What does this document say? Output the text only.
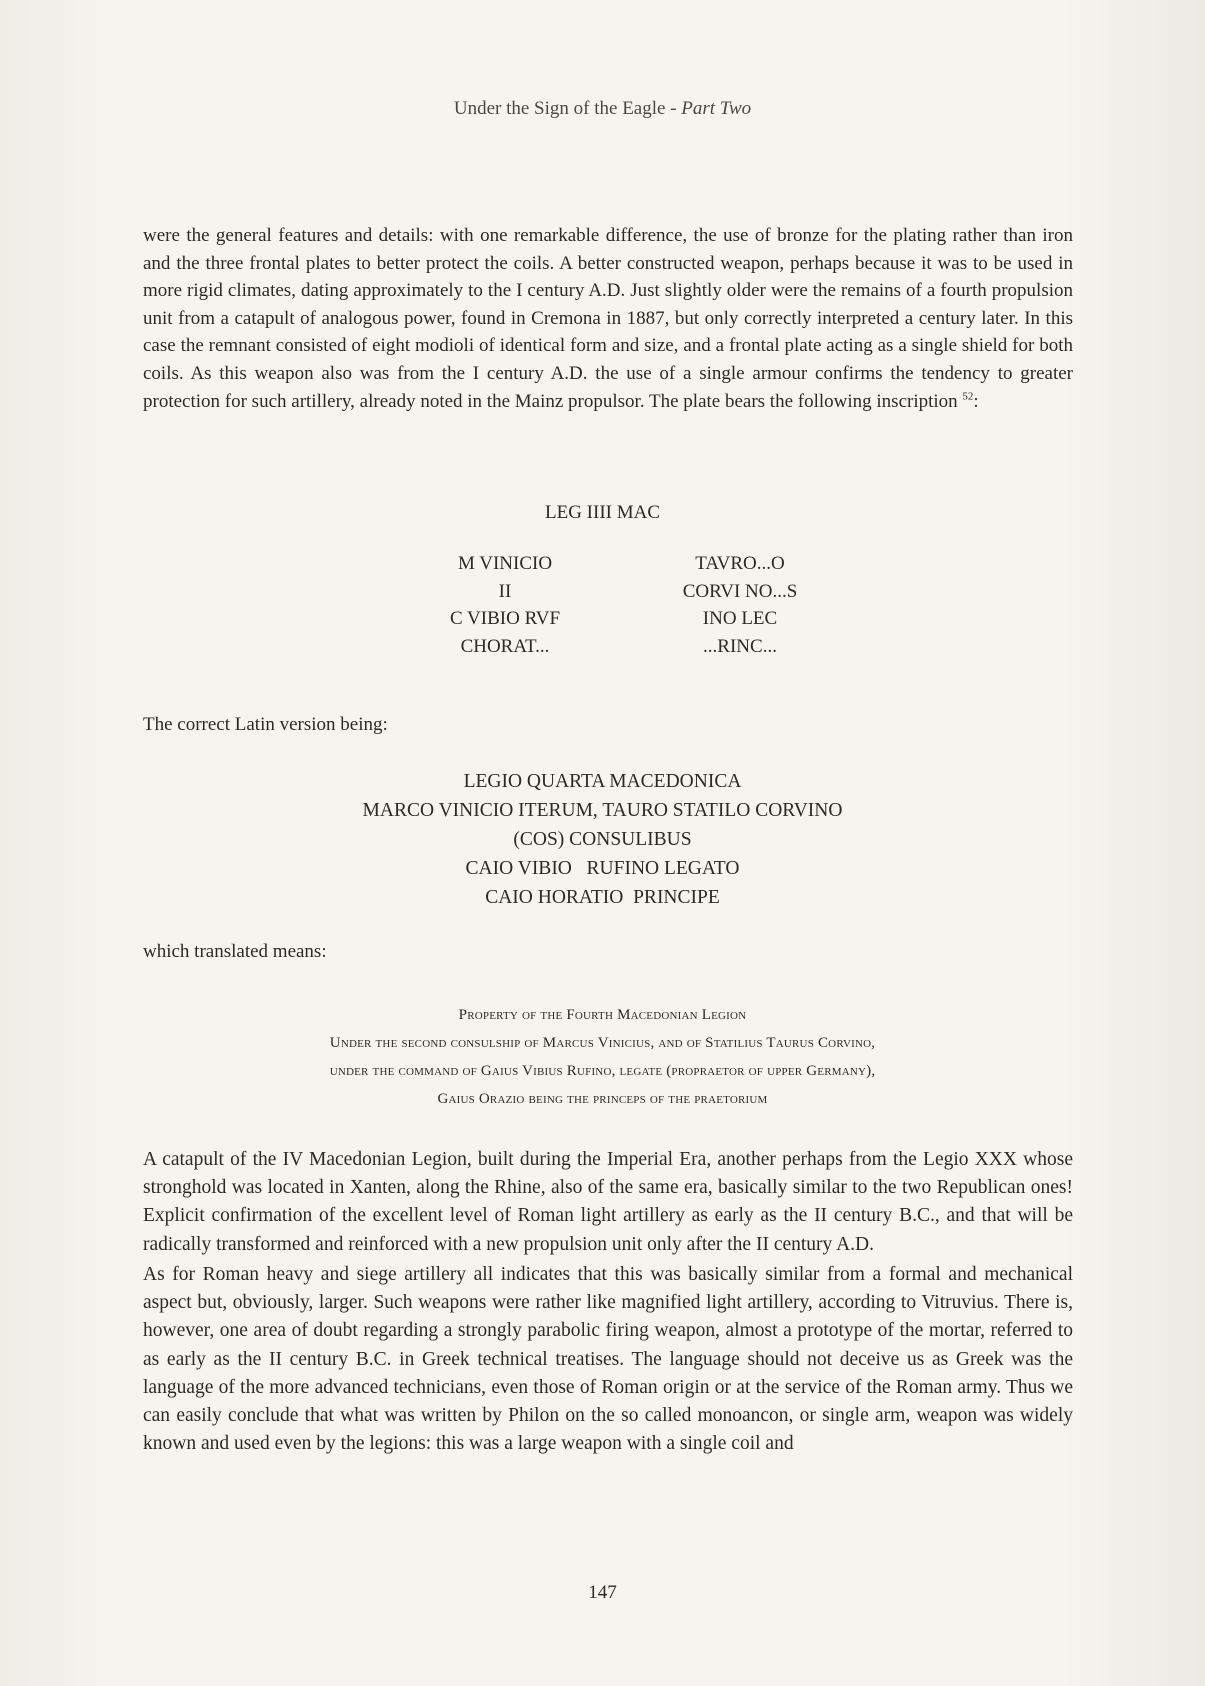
Under the Sign of the Eagle - Part Two

were the general features and details: with one remarkable difference, the use of bronze for the plating rather than iron and the three frontal plates to better protect the coils. A better constructed weapon, perhaps because it was to be used in more rigid climates, dating approximately to the I century A.D. Just slightly older were the remains of a fourth propulsion unit from a catapult of analogous power, found in Cremona in 1887, but only correctly interpreted a century later. In this case the remnant consisted of eight modioli of identical form and size, and a frontal plate acting as a single shield for both coils. As this weapon also was from the I century A.D. the use of a single armour confirms the tendency to greater protection for such artillery, already noted in the Mainz propulsor. The plate bears the following inscription $^{52}$:

LEG IIII MAC
M VINICIO
II
C VIBIO RVF
CHORAT...
TAVRO...O
CORVI NO...S
INO LEC
...RINC...
The correct Latin version being:
LEGIO QUARTA MACEDONICA
MARCO VINICIO ITERUM, TAURO STATILO CORVINO
(COS) CONSULIBUS
CAIO VIBIO   RUFINO LEGATO
CAIO HORATIO  PRINCIPE
which translated means:
Property of the Fourth Macedonian Legion
Under the second consulship of Marcus Vinicius, and of Statilius Taurus Corvino,
under the command of Gaius Vibius Rufino, legate (propraetor of upper Germany),
Gaius Orazio being the princeps of the praetorium

A catapult of the IV Macedonian Legion, built during the Imperial Era, another perhaps from the Legio XXX whose  stronghold was located in Xanten, along the Rhine, also of the same era, basically similar to the two Republican ones! Explicit confirmation of the excellent level of Roman light artillery as early as the II century B.C., and that will be radically transformed and reinforced with a new propulsion unit only after the II century A.D.

As for Roman heavy and siege artillery all indicates that this was basically similar from a formal and mechanical aspect but, obviously, larger. Such weapons were rather like magnified light artillery, according to Vitruvius. There is, however, one area of doubt regarding a strongly parabolic firing weapon, almost a prototype of the mortar, referred to as early as the II century B.C. in Greek technical treatises. The language should not deceive us as Greek was the language of the more advanced technicians, even those of Roman origin or at the service of the Roman army. Thus we can easily conclude that what was written by Philon on the so called monoancon, or single arm, weapon was widely known and used even by the legions: this was a large weapon with a single coil and

147
